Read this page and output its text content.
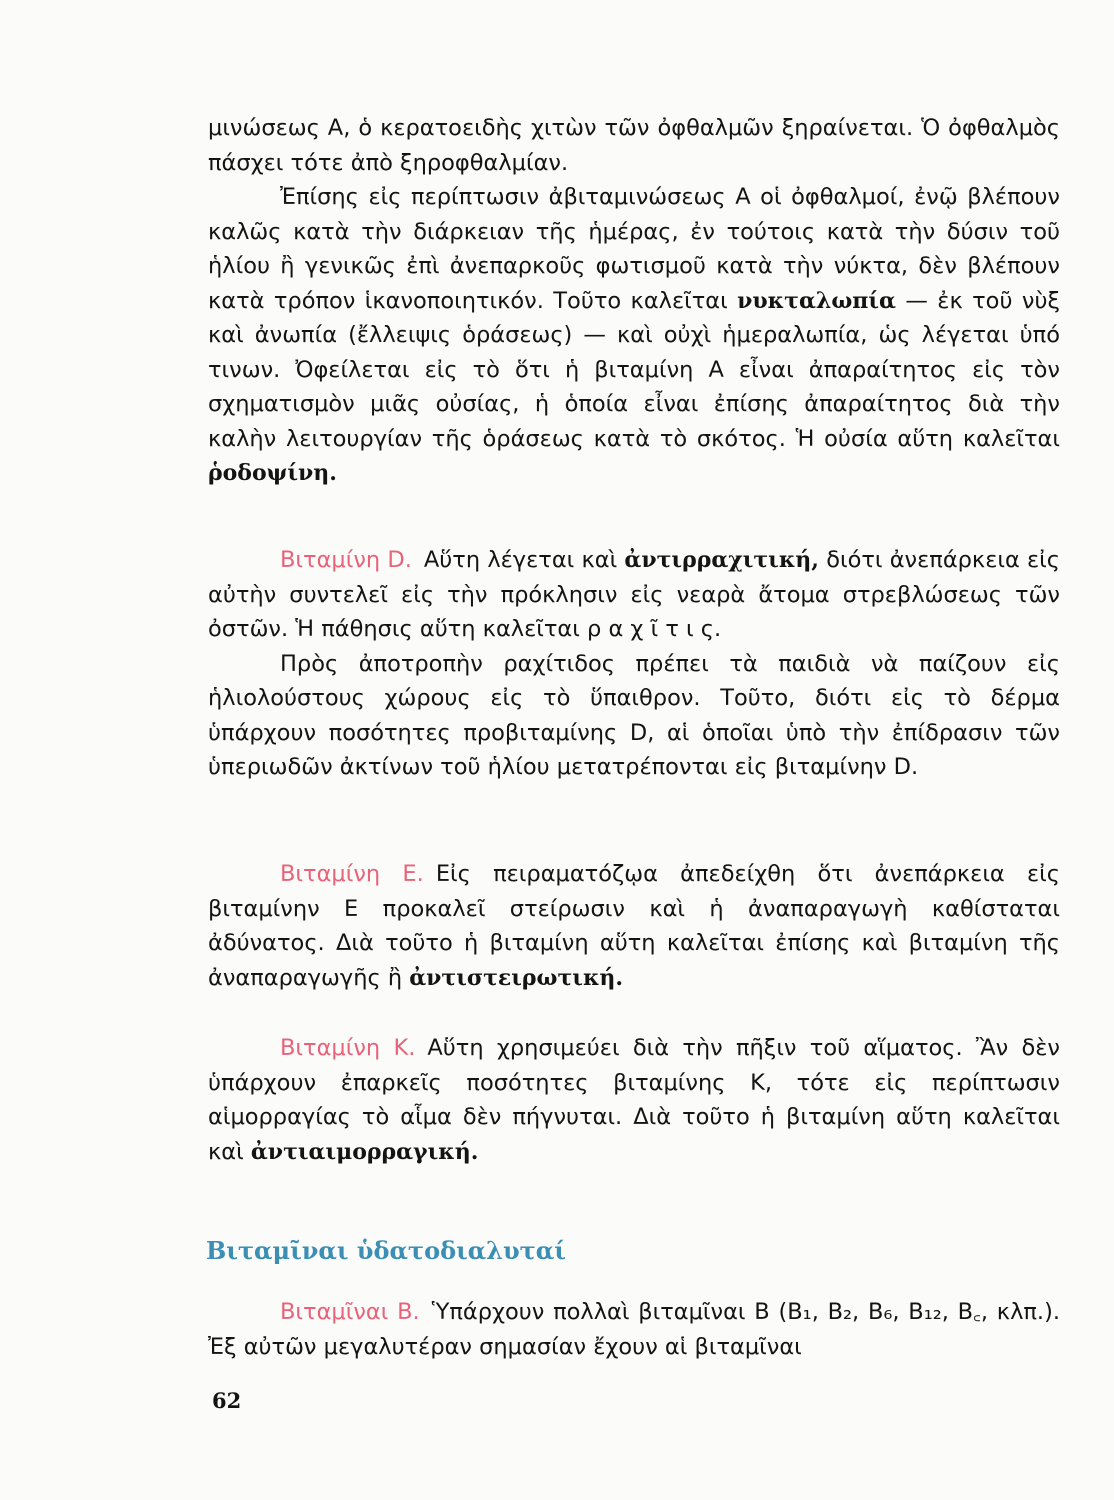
μινώσεως Α, ὁ κερατοειδὴς χιτὼν τῶν ὀφθαλμῶν ξηραίνεται. Ὁ ὀφθαλμὸς πάσχει τότε ἀπὸ ξηροφθαλμίαν.

Ἐπίσης εἰς περίπτωσιν ἀβιταμινώσεως Α οἱ ὀφθαλμοί, ἐνῷ βλέπουν καλῶς κατὰ τὴν διάρκειαν τῆς ἡμέρας, ἐν τούτοις κατὰ τὴν δύσιν τοῦ ἡλίου ἢ γενικῶς ἐπὶ ἀνεπαρκοῦς φωτισμοῦ κατὰ τὴν νύκτα, δὲν βλέπουν κατὰ τρόπον ἱκανοποιητικόν. Τοῦτο καλεῖται νυκταλωπία — ἐκ τοῦ νὺξ καὶ ἀνωπία (ἔλλειψις ὁράσεως) — καὶ οὐχὶ ἡμεραλωπία, ὡς λέγεται ὑπό τινων. Ὀφείλεται εἰς τὸ ὅτι ἡ βιταμίνη Α εἶναι ἀπαραίτητος εἰς τὸν σχηματισμὸν μιᾶς οὐσίας, ἡ ὁποία εἶναι ἐπίσης ἀπαραίτητος διὰ τὴν καλὴν λειτουργίαν τῆς ὁράσεως κατὰ τὸ σκότος. Ἡ οὐσία αὕτη καλεῖται ῥοδοψίνη.

Βιταμίνη D. Αὕτη λέγεται καὶ ἀντιρραχιτική, διότι ἀνεπάρκεια εἰς αὐτὴν συντελεῖ εἰς τὴν πρόκλησιν εἰς νεαρὰ ἄτομα στρεβλώσεως τῶν ὀστῶν. Ἡ πάθησις αὕτη καλεῖται ρ α χ ῖ τ ι ς.

Πρὸς ἀποτροπὴν ραχίτιδος πρέπει τὰ παιδιὰ νὰ παίζουν εἰς ἡλιολούστους χώρους εἰς τὸ ὕπαιθρον. Τοῦτο, διότι εἰς τὸ δέρμα ὑπάρχουν ποσότητες προβιταμίνης D, αἱ ὁποῖαι ὑπὸ τὴν ἐπίδρασιν τῶν ὑπεριωδῶν ἀκτίνων τοῦ ἡλίου μετατρέπονται εἰς βιταμίνην D.

Βιταμίνη Ε. Εἰς πειραματόζῳα ἀπεδείχθη ὅτι ἀνεπάρκεια εἰς βιταμίνην Ε προκαλεῖ στείρωσιν καὶ ἡ ἀναπαραγωγὴ καθίσταται ἀδύνατος. Διὰ τοῦτο ἡ βιταμίνη αὕτη καλεῖται ἐπίσης καὶ βιταμίνη τῆς ἀναπαραγωγῆς ἢ ἀντιστειρωτική.

Βιταμίνη Κ. Αὕτη χρησιμεύει διὰ τὴν πῆξιν τοῦ αἵματος. Ἂν δὲν ὑπάρχουν ἐπαρκεῖς ποσότητες βιταμίνης Κ, τότε εἰς περίπτωσιν αἱμορραγίας τὸ αἷμα δὲν πήγνυται. Διὰ τοῦτο ἡ βιταμίνη αὕτη καλεῖται καὶ ἀντιαιμορραγική.

Βιταμῖναι ὑδατοδιαλυταί

Βιταμῖναι Β. Ὑπάρχουν πολλαὶ βιταμῖναι Β (B₁, B₂, B₆, B₁₂, B꜀, κλπ.). Ἐξ αὐτῶν μεγαλυτέραν σημασίαν ἔχουν αἱ βιταμῖναι

62
